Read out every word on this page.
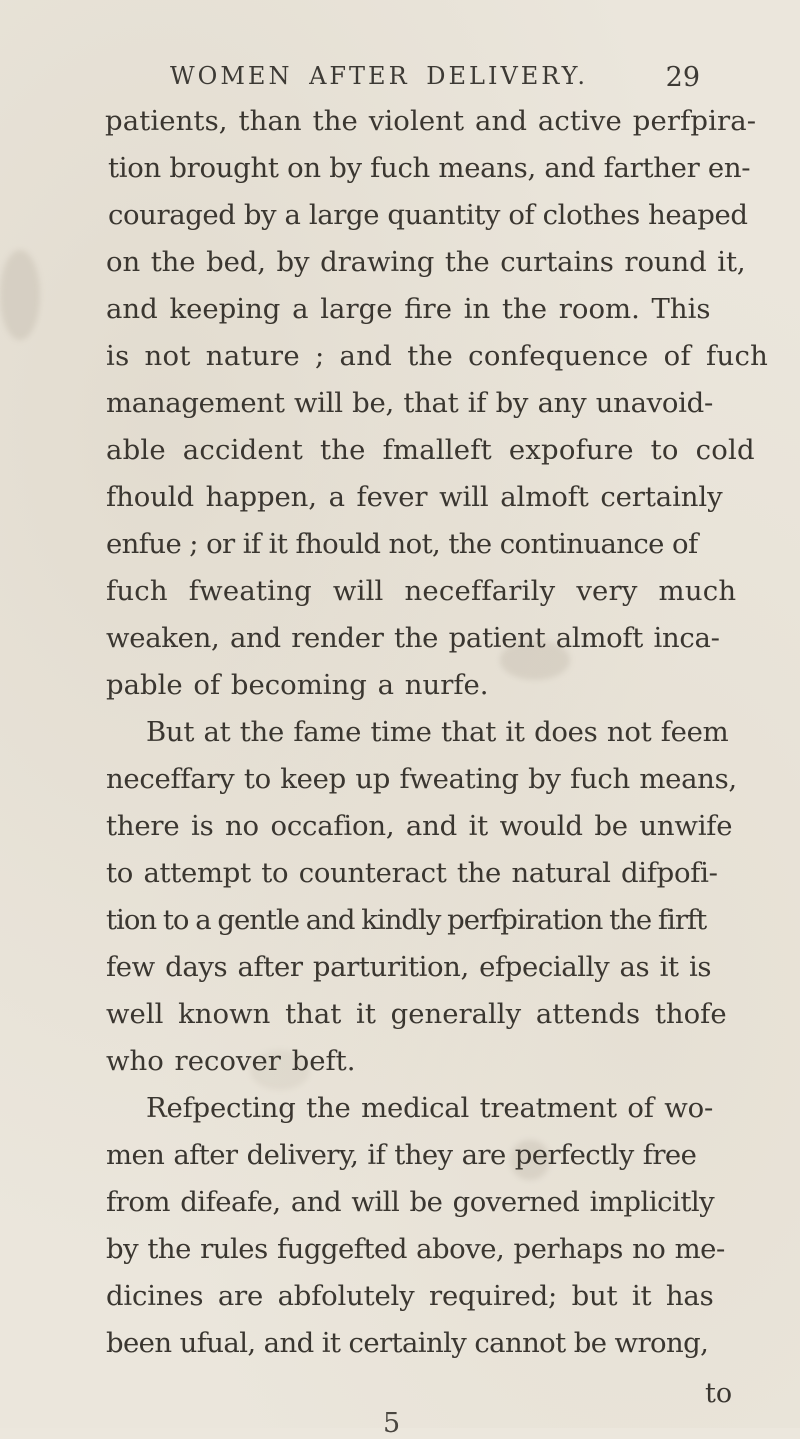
WOMEN AFTER DELIVERY.	29
patients, than the violent and active perfpira-
tion brought on by fuch means, and farther en-
couraged by a large quantity of clothes heaped
on the bed, by drawing the curtains round it,
and keeping a large fire in the room. This
is not nature ; and the confequence of fuch
management will be, that if by any unavoid-
able accident the fmalleft expofure to cold
fhould happen, a fever will almoft certainly
enfue ; or if it fhould not, the continuance of
fuch fweating will neceffarily very much
weaken, and render the patient almoft inca-
pable of becoming a nurfe.
But at the fame time that it does not feem
neceffary to keep up fweating by fuch means,
there is no occafion, and it would be unwife
to attempt to counteract the natural difpofi-
tion to a gentle and kindly perfpiration the firft
few days after parturition, efpecially as it is
well known that it generally attends thofe
who recover beft.
Refpecting the medical treatment of wo-
men after delivery, if they are perfectly free
from difeafe, and will be governed implicitly
by the rules fuggefted above, perhaps no me-
dicines are abfolutely required; but it has
been ufual, and it certainly cannot be wrong,
to
5
